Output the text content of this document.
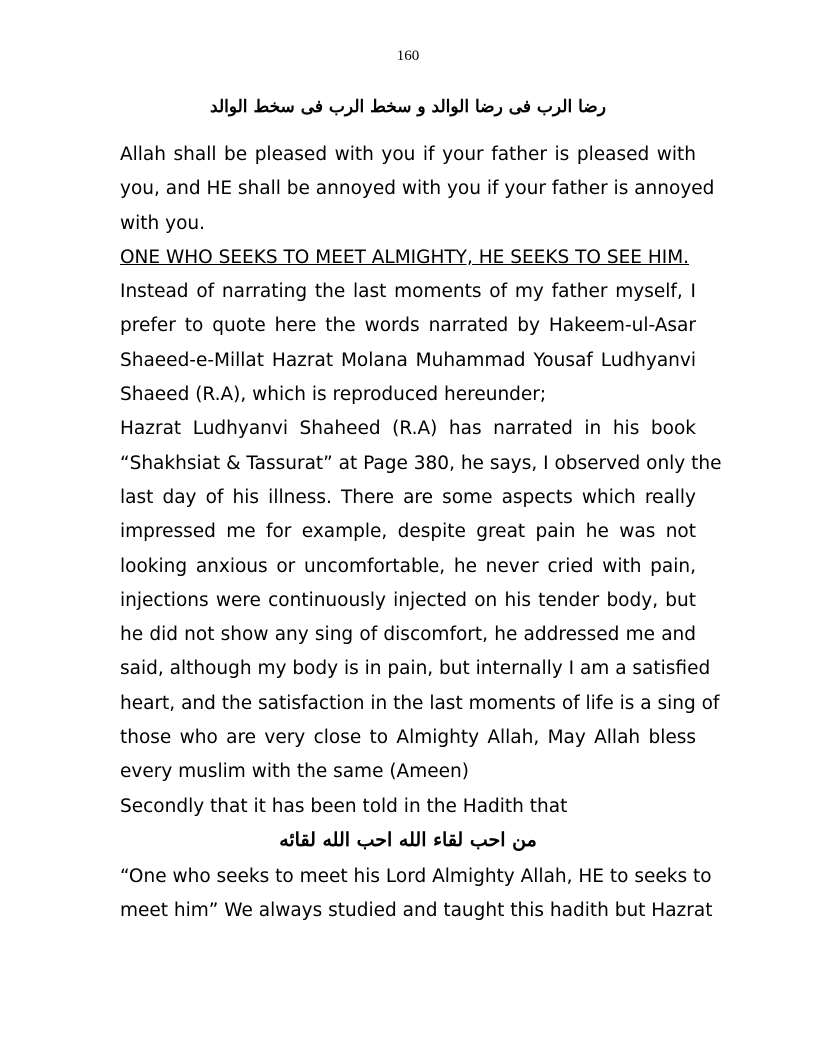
160
رضا الرب فی رضا الوالد و سخط الرب فی سخط الوالد
Allah shall be pleased with you if your father is pleased with
you, and HE shall be annoyed with you if your father is annoyed
with you.
ONE WHO SEEKS TO MEET ALMIGHTY, HE SEEKS TO SEE HIM.
Instead of narrating the last moments of my father myself, I
prefer to quote here the words narrated by Hakeem-ul-Asar
Shaeed-e-Millat Hazrat Molana Muhammad Yousaf Ludhyanvi
Shaeed (R.A), which is reproduced hereunder;
Hazrat Ludhyanvi Shaheed (R.A) has narrated in his book
“Shakhsiat & Tassurat” at Page 380, he says, I observed only the
last day of his illness. There are some aspects which really
impressed me for example, despite great pain he was not
looking anxious or uncomfortable, he never cried with pain,
injections were continuously injected on his tender body, but
he did not show any sing of discomfort, he addressed me and
said, although my body is in pain, but internally I am a satisfied
heart, and the satisfaction in the last moments of life is a sing of
those who are very close to Almighty Allah, May Allah bless
every muslim with the same (Ameen)
Secondly that it has been told in the Hadith that
من احب لقاء الله احب الله لقائه
“One who seeks to meet his Lord Almighty Allah, HE to seeks to
meet him” We always studied and taught this hadith but Hazrat
